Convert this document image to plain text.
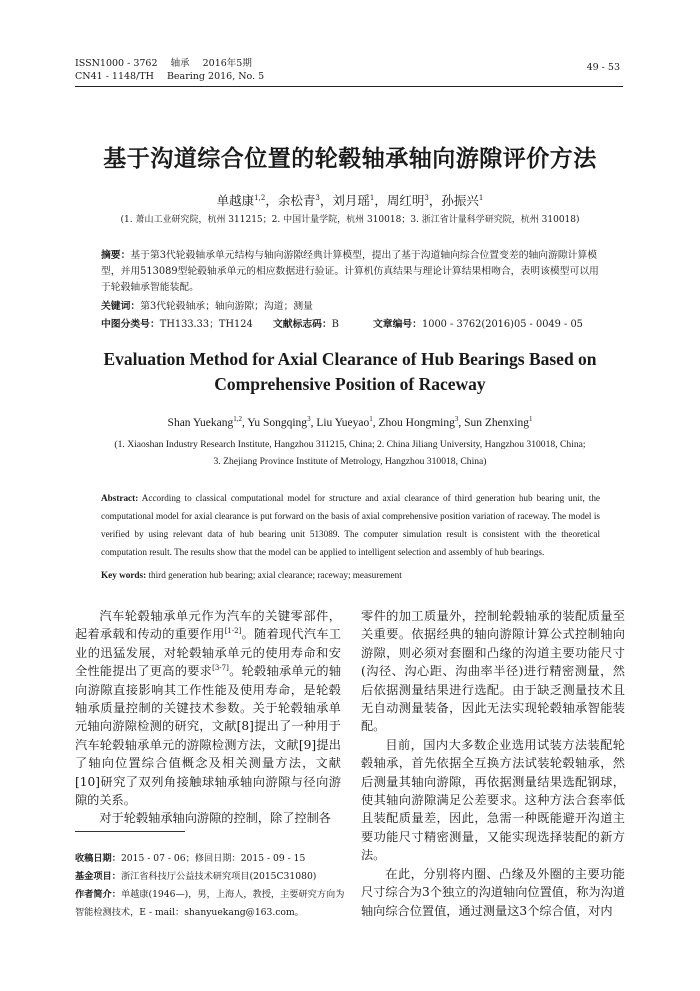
ISSN1000 - 3762 轴承 2016年5期
CN41 - 1148/TH Bearing 2016, No. 5
49 - 53
基于沟道综合位置的轮毂轴承轴向游隙评价方法
单越康$^{1,2}$，余松青$^3$，刘月瑶$^1$，周红明$^3$，孙振兴$^1$
(1. 萧山工业研究院，杭州 311215；2. 中国计量学院，杭州 310018；3. 浙江省计量科学研究院，杭州 310018)
摘要：基于第3代轮毂轴承单元结构与轴向游隙经典计算模型，提出了基于沟道轴向综合位置变差的轴向游隙计算模型，并用513089型轮毂轴承单元的相应数据进行验证。计算机仿真结果与理论计算结果相吻合，表明该模型可以用于轮毂轴承智能装配。
关键词：第3代轮毂轴承；轴向游隙；沟道；测量
中图分类号：TH133.33；TH124 文献标志码：B	文章编号：1000 - 3762(2016)05 - 0049 - 05
Evaluation Method for Axial Clearance of Hub Bearings Based on
Comprehensive Position of Raceway
Shan Yuekang$^{1,2}$, Yu Songqing$^3$, Liu Yueyao$^1$, Zhou Hongming$^3$, Sun Zhenxing$^1$
(1. Xiaoshan Industry Research Institute, Hangzhou 311215, China; 2. China Jiliang University, Hangzhou 310018, China; 3. Zhejiang Province Institute of Metrology, Hangzhou 310018, China)
Abstract: According to classical computational model for structure and axial clearance of third generation hub bearing unit, the computational model for axial clearance is put forward on the basis of axial comprehensive position variation of raceway. The model is verified by using relevant data of hub bearing unit 513089. The computer simulation result is consistent with the theoretical computation result. The results show that the model can be applied to intelligent selection and assembly of hub bearings.
Key words: third generation hub bearing; axial clearance; raceway; measurement

汽车轮毂轴承单元作为汽车的关键零部件，起着承载和传动的重要作用[1-2]。随着现代汽车工业的迅猛发展，对轮毂轴承单元的使用寿命和安全性能提出了更高的要求[3-7]。轮毂轴承单元的轴向游隙直接影响其工作性能及使用寿命，是轮毂轴承质量控制的关键技术参数。关于轮毂轴承单元轴向游隙检测的研究，文献[8]提出了一种用于汽车轮毂轴承单元的游隙检测方法，文献[9]提出了轴向位置综合值概念及相关测量方法，文献[10]研究了双列角接触球轴承轴向游隙与径向游隙的关系。

对于轮毂轴承轴向游隙的控制，除了控制各

零件的加工质量外，控制轮毂轴承的装配质量至关重要。依据经典的轴向游隙计算公式控制轴向游隙，则必须对套圈和凸缘的沟道主要功能尺寸(沟径、沟心距、沟曲率半径)进行精密测量，然后依据测量结果进行选配。由于缺乏测量技术且无自动测量装备，因此无法实现轮毂轴承智能装配。

目前，国内大多数企业选用试装方法装配轮毂轴承，首先依据全互换方法试装轮毂轴承，然后测量其轴向游隙，再依据测量结果选配钢球，使其轴向游隙满足公差要求。这种方法合套率低且装配质量差，因此，急需一种既能避开沟道主要功能尺寸精密测量，又能实现选择装配的新方法。

在此，分别将内圈、凸缘及外圈的主要功能尺寸综合为3个独立的沟道轴向位置值，称为沟道轴向综合位置值，通过测量这3个综合值，对内

收稿日期：2015 - 07 - 06；修回日期：2015 - 09 - 15
基金项目：浙江省科技厅公益技术研究项目(2015C31080)
作者简介：单越康(1946—)，男，上海人，教授，主要研究方向为智能检测技术，E - mail：shanyuekang@163.com。
